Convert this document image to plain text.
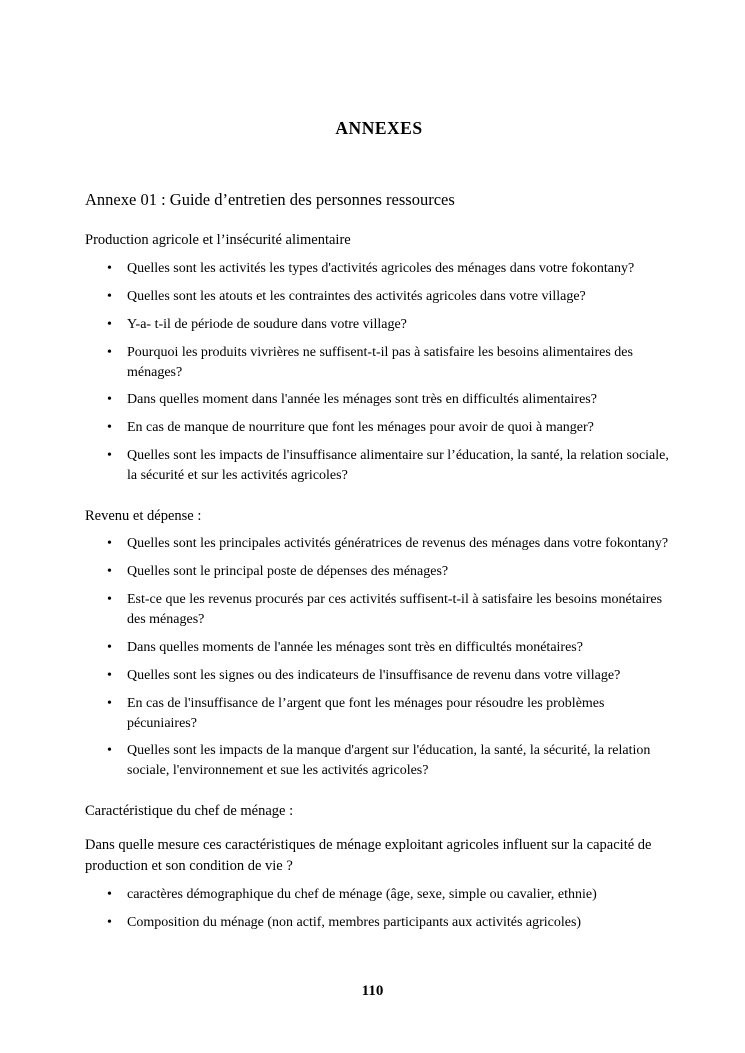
ANNEXES
Annexe 01 : Guide d’entretien des personnes ressources
Production agricole et l’insécurité alimentaire
•	Quelles sont les activités les types d'activités agricoles des ménages dans votre fokontany?
•	Quelles sont les atouts et les contraintes des activités agricoles dans votre village?
•	Y-a- t-il de période de soudure dans votre village?
•	Pourquoi les produits vivrières ne suffisent-t-il pas à satisfaire les besoins alimentaires des ménages?
•	Dans quelles moment dans l'année les ménages sont très en difficultés alimentaires?
•	En cas de manque de nourriture que font les ménages pour avoir de quoi à manger?
•	Quelles sont les impacts de l'insuffisance alimentaire sur l’éducation, la santé, la relation sociale, la sécurité et sur les activités agricoles?
Revenu et dépense :
•	Quelles sont les principales activités génératrices de revenus des ménages dans votre fokontany?
•	Quelles sont le principal poste de dépenses des ménages?
•	Est-ce que les revenus procurés par ces activités suffisent-t-il à satisfaire les besoins monétaires des ménages?
•	Dans quelles moments de l'année les ménages sont très en difficultés monétaires?
•	Quelles sont les signes ou des indicateurs de l'insuffisance de revenu dans votre village?
•	En cas de l'insuffisance de l’argent que font les ménages pour résoudre les problèmes pécuniaires?
•	Quelles sont les impacts de la manque d'argent sur l'éducation, la santé, la sécurité, la relation sociale, l'environnement et sue les activités agricoles?
Caractéristique du chef de ménage :
Dans quelle mesure ces caractéristiques de ménage exploitant agricoles influent sur la capacité de production et son condition de vie ?
•	caractères démographique du chef de ménage (âge, sexe, simple ou cavalier, ethnie)
•	Composition du ménage (non actif, membres participants aux activités agricoles)
110
